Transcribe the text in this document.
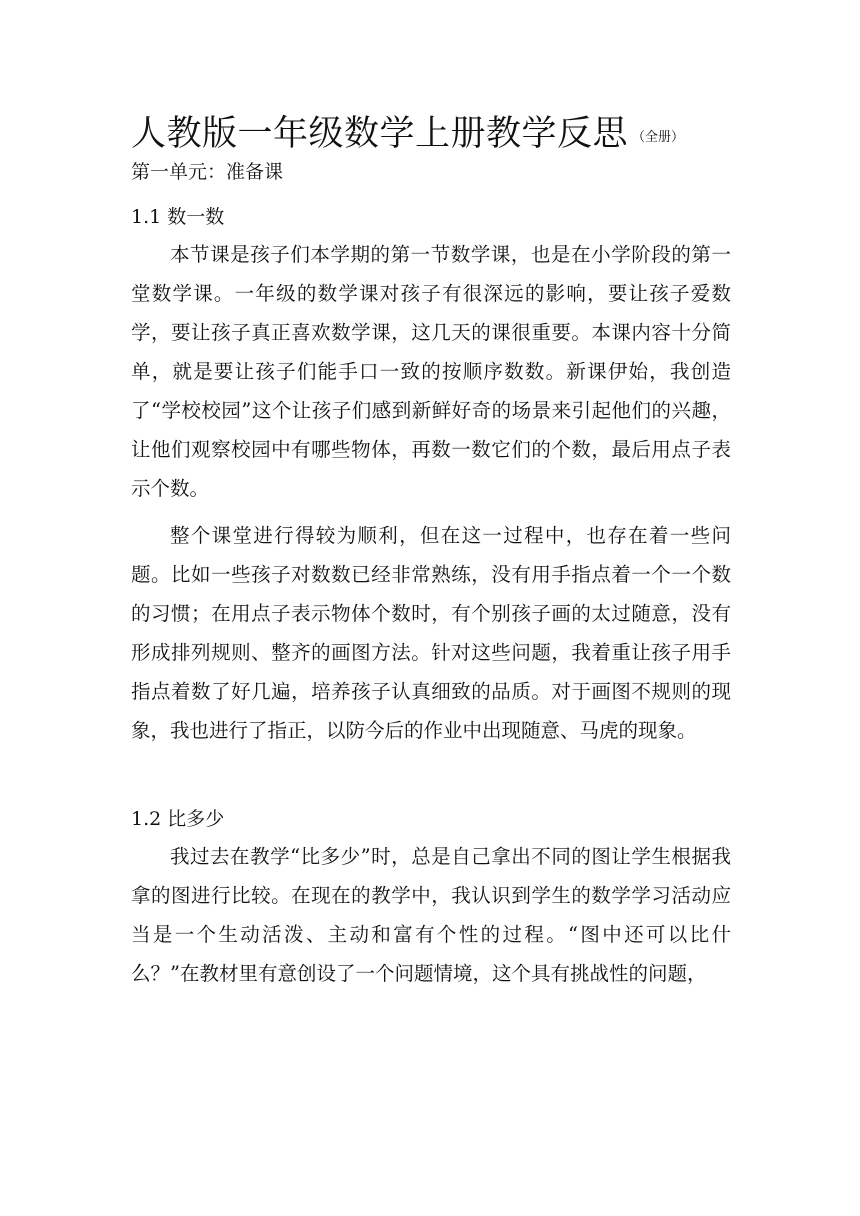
人教版一年级数学上册教学反思 （全册）
第一单元：准备课
1.1 数一数

本节课是孩子们本学期的第一节数学课，也是在小学阶段的第一堂数学课。一年级的数学课对孩子有很深远的影响，要让孩子爱数学，要让孩子真正喜欢数学课，这几天的课很重要。本课内容十分简单，就是要让孩子们能手口一致的按顺序数数。新课伊始，我创造了“学校校园”这个让孩子们感到新鲜好奇的场景来引起他们的兴趣，让他们观察校园中有哪些物体，再数一数它们的个数，最后用点子表示个数。

整个课堂进行得较为顺利，但在这一过程中，也存在着一些问题。比如一些孩子对数数已经非常熟练，没有用手指点着一个一个数的习惯；在用点子表示物体个数时，有个别孩子画的太过随意，没有形成排列规则、整齐的画图方法。针对这些问题，我着重让孩子用手指点着数了好几遍，培养孩子认真细致的品质。对于画图不规则的现象，我也进行了指正，以防今后的作业中出现随意、马虎的现象。

1.2 比多少

我过去在教学“比多少”时，总是自己拿出不同的图让学生根据我拿的图进行比较。在现在的教学中，我认识到学生的数学学习活动应当是一个生动活泼、主动和富有个性的过程。“图中还可以比什么？”在教材里有意创设了一个问题情境，这个具有挑战性的问题，
